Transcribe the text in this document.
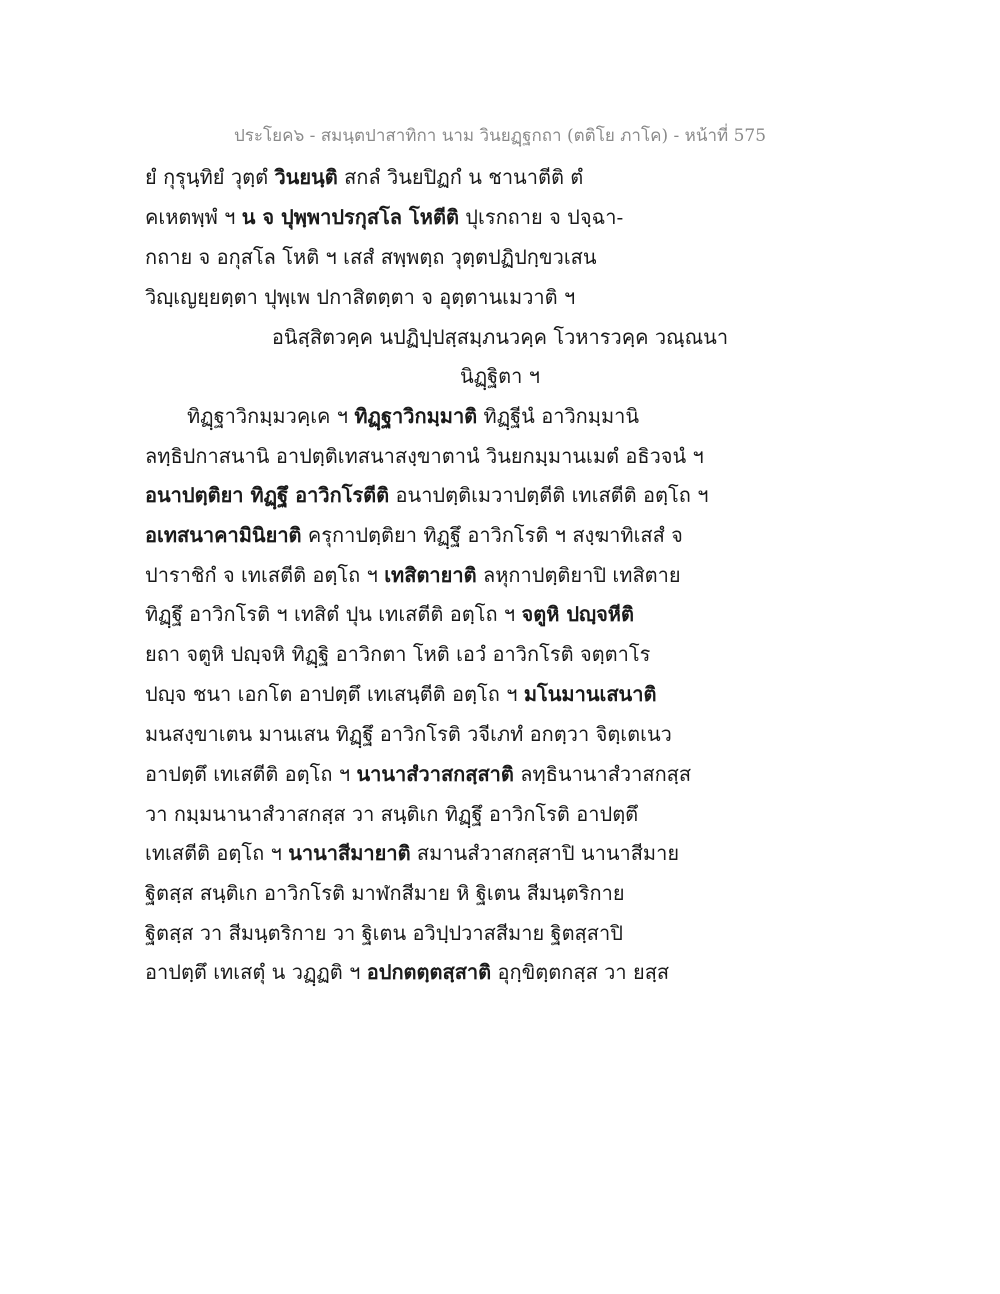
ประโยค๖ - สมนฺตปาสาทิกา นาม วินยฏฺฐกถา (ตติโย ภาโค) - หน้าที่ 575
ยํ กุรุนฺทิยํ วุตฺตํ วินยนฺติ สกลํ วินยปิฏกํ น ชานาตีติ ตํ
คเหตพฺพํ ฯ น จ ปุพฺพาปรกุสโล โหตีติ ปุเรกถาย จ ปจฺฉา-
กถาย จ อกุสโล โหติ ฯ เสสํ สพฺพตฺถ วุตฺตปฏิปกฺขวเสน
วิญฺเญยฺยตฺตา ปุพฺเพ ปกาสิตตฺตา จ อุตฺตานเมวาติ ฯ
อนิสฺสิตวคฺค นปฏิปฺปสฺสมฺภนวคฺค โวหารวคฺค วณฺณนา
นิฏฺฐิตา ฯ
ทิฏฺฐาวิกมฺมวคฺเค ฯ ทิฏฺฐาวิกมฺมาติ ทิฏฺฐีนํ อาวิกมฺมานิ
ลทฺธิปกาสนานิ อาปตฺติเทสนาสงฺขาตานํ วินยกมฺมานเมตํ อธิวจนํ ฯ
อนาปตฺติยา ทิฏฺฐึ อาวิกโรตีติ อนาปตฺติเมวาปตฺตีติ เทเสตีติ อตฺโถ ฯ
อเทสนาคามินิยาติ ครุกาปตฺติยา ทิฏฺฐึ อาวิกโรติ ฯ สงฺฆาทิเสสํ จ
ปาราชิกํ จ เทเสตีติ อตฺโถ ฯ เทสิตายาติ ลหุกาปตฺติยาปิ เทสิตาย
ทิฏฺฐึ อาวิกโรติ ฯ เทสิตํ ปุน เทเสตีติ อตฺโถ ฯ จตูหิ ปญฺจหีติ
ยถา จตูหิ ปญฺจหิ ทิฏฺฐิ อาวิกตา โหติ เอวํ อาวิกโรติ จตฺตาโร
ปญฺจ ชนา เอกโต อาปตฺตึ เทเสนฺตีติ อตฺโถ ฯ มโนมานเสนาติ
มนสงฺขาเตน มานเสน ทิฏฺฐึ อาวิกโรติ วจีเภทํ อกตฺวา จิตฺเตเนว
อาปตฺตึ เทเสตีติ อตฺโถ ฯ นานาสํวาสกสฺสาติ ลทฺธินานาสํวาสกสฺส
วา กมฺมนานาสํวาสกสฺส วา สนฺติเก ทิฏฺฐึ อาวิกโรติ อาปตฺตึ
เทเสตีติ อตฺโถ ฯ นานาสีมายาติ สมานสํวาสกสฺสาปิ นานาสีมาย
ฐิตสฺส สนฺติเก อาวิกโรติ มาฬกสีมาย หิ ฐิเตน สีมนฺตริกาย
ฐิตสฺส วา สีมนฺตริกาย วา ฐิเตน อวิปฺปวาสสีมาย ฐิตสฺสาปิ
อาปตฺตึ เทเสตุํ น วฏฺฏติ ฯ อปกตตฺตสฺสาติ อุกฺขิตฺตกสฺส วา ยสฺส
